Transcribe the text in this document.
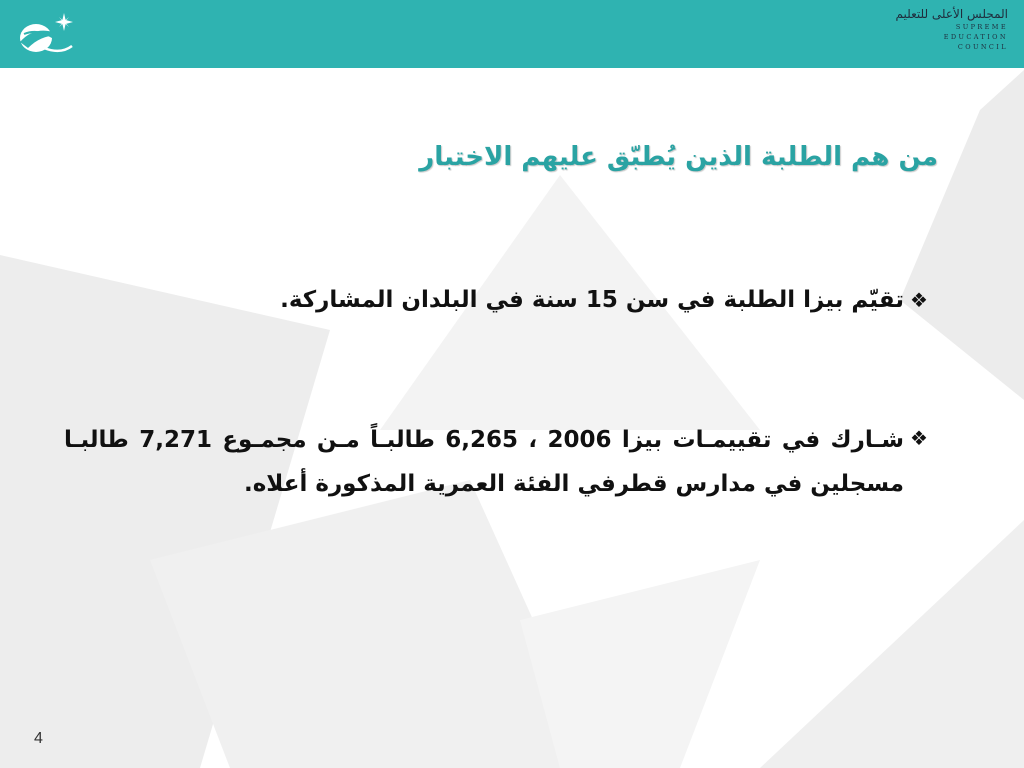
المجلس الأعلى للتعليم
SUPREME
EDUCATION
COUNCIL
من هم الطلبة الذين يُطبّق عليهم الاختبار
❖
تقيّم بيزا الطلبة في سن 15 سنة في البلدان المشاركة.
❖
شـارك في تقييمـات بيزا 2006 ، 6,265 طالبـاً مـن مجمـوع 7,271 طالبـا مسجلين في مدارس قطرفي الفئة العمرية المذكورة أعلاه.
4
